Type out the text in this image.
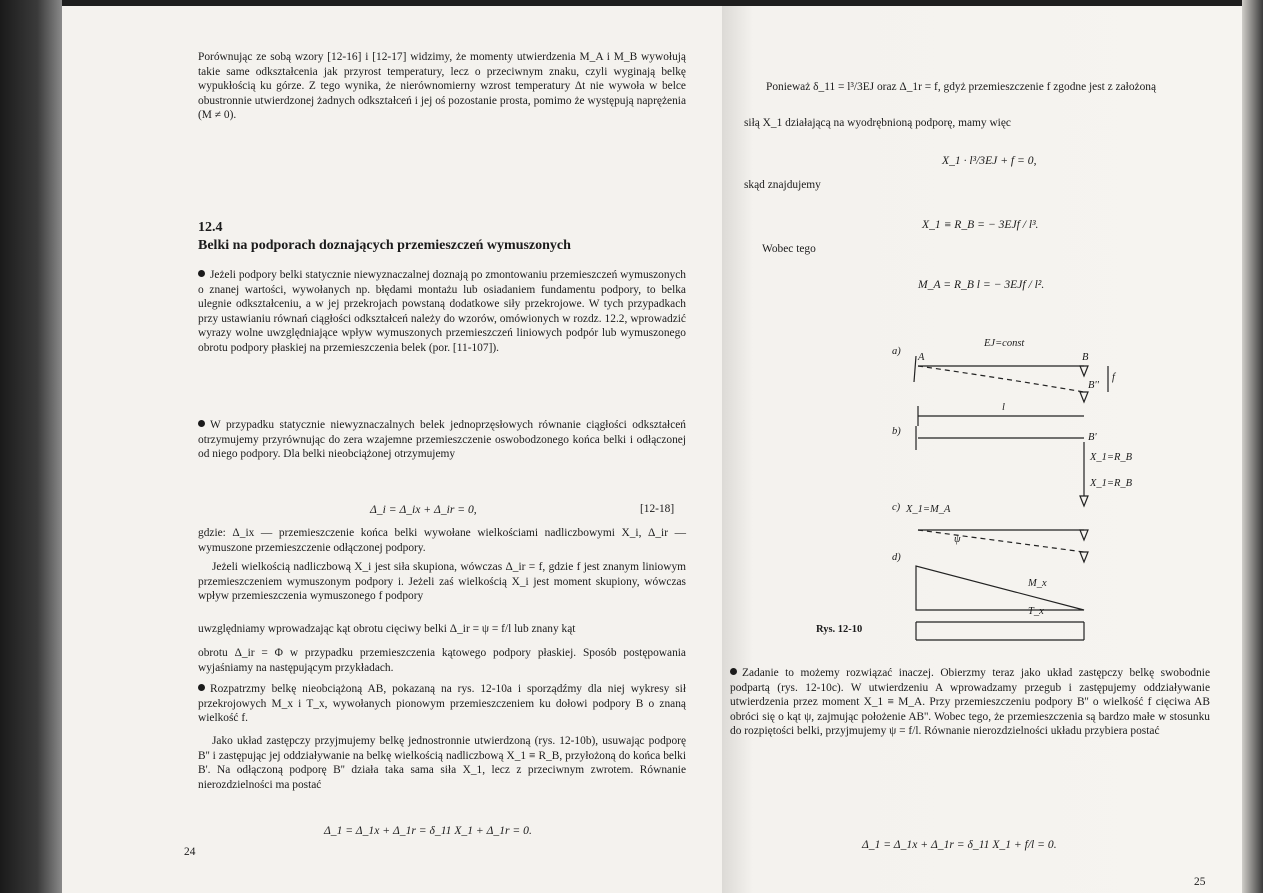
Porównując ze sobą wzory [12-16] i [12-17] widzimy, że momenty utwierdzenia M_A i M_B wywołują takie same odkształcenia jak przyrost temperatury, lecz o przeciwnym znaku, czyli wyginają belkę wypukłością ku górze. Z tego wynika, że nierównomierny wzrost temperatury Δt nie wywoła w belce obustronnie utwierdzonej żadnych odkształceń i jej oś pozostanie prosta, pomimo że występują naprężenia (M ≠ 0).

12.4
Belki na podporach doznających przemieszczeń wymuszonych

Jeżeli podpory belki statycznie niewyznaczalnej doznają po zmontowaniu przemieszczeń wymuszonych o znanej wartości, wywołanych np. błędami montażu lub osiadaniem fundamentu podpory, to belka ulegnie odkształceniu, a w jej przekrojach powstaną dodatkowe siły przekrojowe. W tych przypadkach przy ustawianiu równań ciągłości odkształceń należy do wzorów, omówionych w rozdz. 12.2, wprowadzić wyrazy wolne uwzględniające wpływ wymuszonych przemieszczeń liniowych podpór lub wymuszonego obrotu podpory płaskiej na przemieszczenia belek (por. [11-107]).

W przypadku statycznie niewyznaczalnych belek jednoprzęsłowych równanie ciągłości odkształceń otrzymujemy przyrównując do zera wzajemne przemieszczenie oswobodzonego końca belki i odłączonej od niego podpory. Dla belki nieobciążonej otrzymujemy

Δ_i = Δ_ix + Δ_ir = 0,	[12-18]

gdzie: Δ_ix — przemieszczenie końca belki wywołane wielkościami nadliczbowymi X_i, Δ_ir — wymuszone przemieszczenie odłączonej podpory.

Jeżeli wielkością nadliczbową X_i jest siła skupiona, wówczas Δ_ir = f, gdzie f jest znanym liniowym przemieszczeniem wymuszonym podpory i. Jeżeli zaś wielkością X_i jest moment skupiony, wówczas wpływ przemieszczenia wymuszonego f podpory

uwzględniamy wprowadzając kąt obrotu cięciwy belki Δ_ir = ψ = f/l lub znany kąt

obrotu Δ_ir = Φ w przypadku przemieszczenia kątowego podpory płaskiej. Sposób postępowania wyjaśniamy na następującym przykładach.

Rozpatrzmy belkę nieobciążoną AB, pokazaną na rys. 12-10a i sporządźmy dla niej wykresy sił przekrojowych M_x i T_x, wywołanych pionowym przemieszczeniem ku dołowi podpory B o znaną wielkość f.

Jako układ zastępczy przyjmujemy belkę jednostronnie utwierdzoną (rys. 12-10b), usuwając podporę B'' i zastępując jej oddziaływanie na belkę wielkością nadliczbową X_1 ≡ R_B, przyłożoną do końca belki B'. Na odłączoną podporę B'' działa taka sama siła X_1, lecz z przeciwnym zwrotem. Równanie nierozdzielności ma postać

Δ_1 = Δ_1x + Δ_1r = δ_11 X_1 + Δ_1r = 0.
24
Ponieważ δ_11 = l³/3EJ oraz Δ_1r = f, gdyż przemieszczenie f zgodne jest z założoną
siłą X_1 działającą na wyodrębnioną podporę, mamy więc
X_1 · l³/3EJ + f = 0,
skąd znajdujemy
X_1 ≡ R_B = − 3EJf / l³.
Wobec tego
M_A = R_B l = − 3EJf / l².
a)
b)
c)
d)
EJ=const
A	B
B''
f
l
B'
X_1=R_B
X_1=R_B
X_1=M_A
ψ
M_x
T_x
Rys. 12-10

Zadanie to możemy rozwiązać inaczej. Obierzmy teraz jako układ zastępczy belkę swobodnie podpartą (rys. 12-10c). W utwierdzeniu A wprowadzamy przegub i zastępujemy oddziaływanie utwierdzenia przez moment X_1 ≡ M_A. Przy przemieszczeniu podpory B'' o wielkość f cięciwa AB obróci się o kąt ψ, zajmując położenie AB''. Wobec tego, że przemieszczenia są bardzo małe w stosunku do rozpiętości belki, przyjmujemy ψ = f/l. Równanie nierozdzielności układu przybiera postać

Δ_1 = Δ_1x + Δ_1r = δ_11 X_1 + f/l = 0.
25
